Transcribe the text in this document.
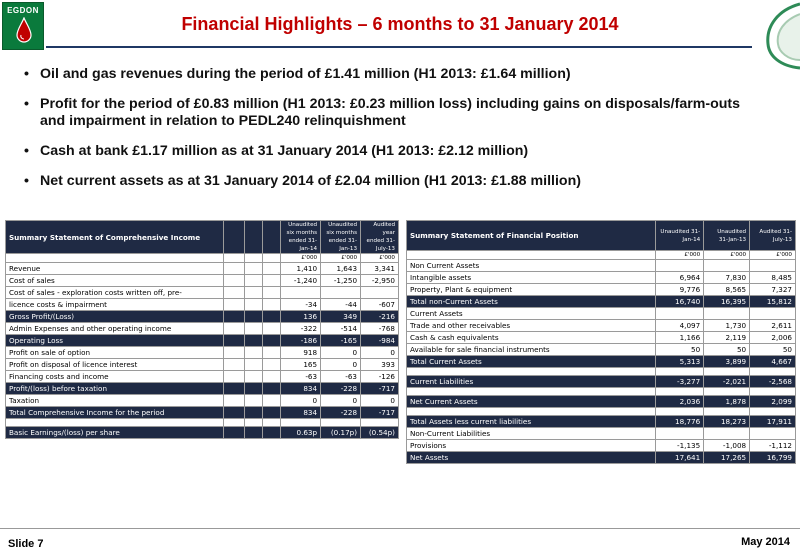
EGDON
Financial Highlights – 6 months to 31 January 2014
• Oil and gas revenues during the period of £1.41 million (H1 2013: £1.64 million)
• Profit for the period of £0.83 million (H1 2013: £0.23 million loss) including gains on disposals/farm-outs and impairment in relation to PEDL240 relinquishment
• Cash at bank £1.17 million as at 31 January 2014 (H1 2013: £2.12 million)
• Net current assets as at 31 January 2014 of £2.04 million (H1 2013: £1.88 million)
Summary Statement of Comprehensive Income				Unaudited six months ended 31-Jan-14	Unaudited six months ended 31-Jan-13	Audited year ended 31-July-13
				£'000	£'000	£'000
Revenue				1,410	1,643	3,341
Cost of sales				-1,240	-1,250	-2,950
Cost of sales - exploration costs written off, pre-						
licence costs & impairment				-34	-44	-607
Gross Profit/(Loss)				136	349	-216
Admin Expenses and other operating income				-322	-514	-768
Operating Loss				-186	-165	-984
Profit on sale of option				918	0	0
Profit on disposal of licence interest				165	0	393
Financing costs and income				-63	-63	-126
Profit/(loss) before taxation				834	-228	-717
Taxation				0	0	0
Total Comprehensive Income for the period				834	-228	-717

Basic Earnings/(loss) per share				0.63p	(0.17p)	(0.54p)
Summary Statement of Financial Position	Unaudited 31-Jan-14	Unaudited 31-Jan-13	Audited 31-July-13
	£'000	£'000	£'000
Non Current Assets			
Intangible assets	6,964	7,830	8,485
Property, Plant & equipment	9,776	8,565	7,327
Total non-Current Assets	16,740	16,395	15,812
Current Assets			
Trade and other receivables	4,097	1,730	2,611
Cash & cash equivalents	1,166	2,119	2,006
Available for sale financial instruments	50	50	50
Total Current Assets	5,313	3,899	4,667

Current Liabilities	-3,277	-2,021	-2,568

Net Current Assets	2,036	1,878	2,099

Total Assets less current liabilities	18,776	18,273	17,911
Non-Current Liabilities			
Provisions	-1,135	-1,008	-1,112
Net Assets	17,641	17,265	16,799
Slide 7	May 2014
